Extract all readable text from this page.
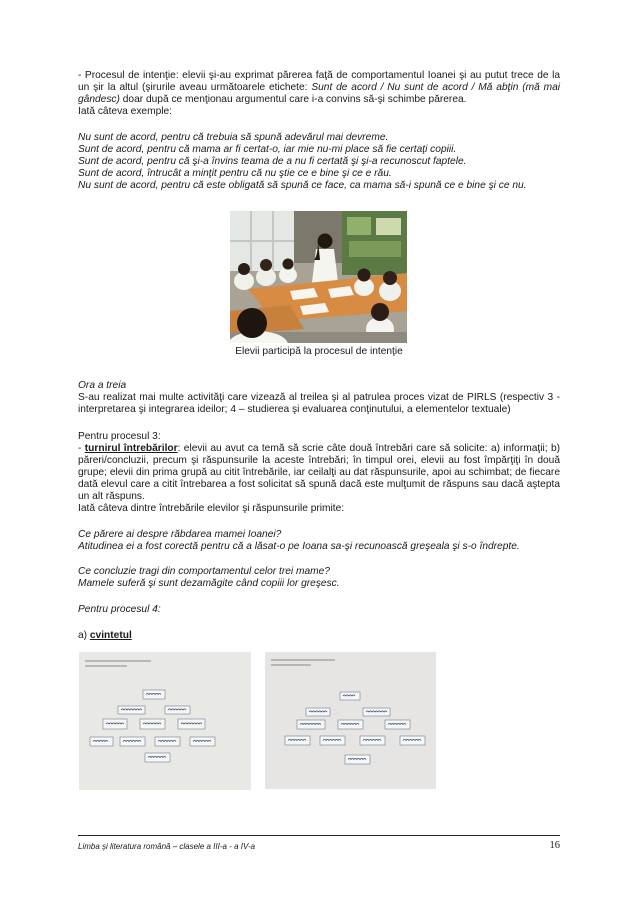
- Procesul de intenţie: elevii şi-au exprimat părerea faţă de comportamentul Ioanei şi au putut trece de la un şir la altul (şirurile aveau următoarele etichete: Sunt de acord / Nu sunt de acord / Mă abţin (mă mai gândesc) doar după ce menţionau argumentul care i-a convins să-şi schimbe părerea.
Iată câteva exemple:
Nu sunt de acord, pentru că trebuia să spună adevărul mai devreme.
Sunt de acord, pentru că mama ar fi certat-o, iar mie nu-mi place să fie certaţi copiii.
Sunt de acord, pentru că şi-a învins teama de a nu fi certată şi şi-a recunoscut faptele.
Sunt de acord, întrucât a minţit pentru că nu ştie ce e bine şi ce e rău.
Nu sunt de acord, pentru că este obligată să spună ce face, ca mama să-i spună ce e bine şi ce nu.
Elevii participă la procesul de intenţie
Ora a treia
S-au realizat mai multe activităţi care vizează al treilea şi al patrulea proces vizat de PIRLS (respectiv 3 - interpretarea şi integrarea ideilor; 4 – studierea şi evaluarea conţinutului, a elementelor textuale)
Pentru procesul 3:
- turnirul întrebărilor: elevii au avut ca temă să scrie câte două întrebări care să solicite: a) informaţii; b) păreri/concluzii, precum şi răspunsurile la aceste întrebări; în timpul orei, elevii au fost împărţiţi în două grupe; elevii din prima grupă au citit întrebările, iar ceilalţi au dat răspunsurile, apoi au schimbat; de fiecare dată elevul care a citit întrebarea a fost solicitat să spună dacă este mulţumit de răspuns sau dacă aştepta un alt răspuns.
Iată câteva dintre întrebările elevilor şi răspunsurile primite:
Ce părere ai despre răbdarea mamei Ioanei?
Atitudinea ei a fost corectă pentru că a lăsat-o pe Ioana sa-şi recunoască greşeala şi s-o îndrepte.
Ce concluzie tragi din comportamentul celor trei mame?
Mamele suferă şi sunt dezamăgite când copiii lor greşesc.
Pentru procesul 4:
a) cvintetul
Limba şi literatura română – clasele a III-a - a IV-a	16
